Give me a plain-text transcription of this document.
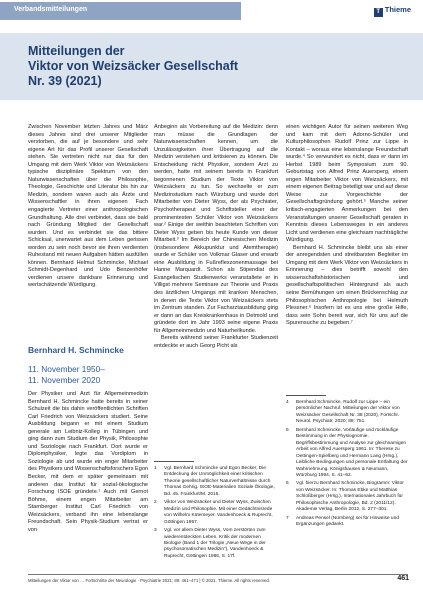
Verbandsmitteilungen	T Thieme
Mitteilungen der
Viktor von Weizsäcker Gesellschaft
Nr. 39 (2021)

Zwischen November letzten Jahres und März dieses Jahres sind drei unserer Mitglieder verstorben, die auf je besondere und sehr eigene Art für das Profil unserer Gesellschaft stehen. Sie vertreten nicht nur das für den Umgang mit dem Werk Viktor von Weizsäckers typische disziplinäre Spektrum von den Naturwissenschaften über die Philosophie, Theologie, Geschichte und Literatur bis hin zur Medizin, sondern waren auch als Ärzte und Wissenschaftler in ihren eigenen Fach engagierte Vertreter einer anthropologischen Grundhaltung. Alle drei verbindet, dass sie bald nach Gründung Mitglied der Gesellschaft wurden. Und es verbindet sie das bittere Schicksal, unerwartet aus dem Leben gerissen worden zu sein noch bevor sie ihren verdienten Ruhestand mit neuen Aufgaben hätten ausfüllen können. Bernhard Helmut Schmincke, Michael Schmidt-Degenhard und Udo Benzenhöfer verdienen unsere dankbare Erinnerung und wertschätzende Würdigung.

Bernhard H. Schmincke
11. November 1950–
11. November 2020

Der Physiker und Arzt für Allgemeinmedizin Bernhard H. Schmincke hatte bereits in seiner Schulzeit die bis dahin veröffentlichten Schriften Carl Friedrich von Weizsäckers studiert. Seine Ausbildung begann er mit einem Studium generale am Leibniz-Kolleg in Tübingen und ging dann zum Studium der Physik, Philosophie und Soziologie nach Frankfurt. Dort wurde er Diplomphysiker, legte das Vordiplom in Soziologie ab und wurde ein enger Mitarbeiter des Physikers und Wissenschaftsforschers Egon Becker, mit dem er später gemeinsam mit anderen das Institut für sozial-ökologische Forschung ISOE gründete.¹ Auch mit Gernot Böhme, einem engen Mitarbeiter am Starnberger Institut Carl Friedrich von Weizsäckers, verband ihn eine lebenslange Freundschaft. Sein Physik-Studium vertrat er von

Anbeginn als Vorbereitung auf die Medizin: denn man müsse die Grundlagen der Naturwissenschaften kennen, um die Unzulässigkeiten ihrer Übertragung auf die Medizin verstehen und kritisieren zu können. Die Entscheidung nicht Physiker, sondern Arzt zu werden, hatte mit seinem bereits in Frankfurt begonnenen Studium der Texte Viktor von Weizsäckers zu tun. So wechselte er zum Medizinstudium nach Würzburg und wurde dort Mitarbeiter von Dieter Wyss, der als Psychiater, Psychotherapeut und Schriftsteller einer der prominentesten Schüler Viktor von Weizsäckers war.² Einige der weithin beachteten Schriften von Dieter Wyss geben bis heute Kunde von dieser Mitarbeit.³ Im Bereich der Chinesischen Medizin (insbesondere Akkupunktur und Atemtherapie) wurde er Schüler von Volkmar Glaser und erwarb eine Ausbildung in Fußreflexzonenmassage bei Hanne Marquardt. Schon als Stipendiat des Evangelischen Studienwerks veranstaltete er in Villigst mehrere Seminare zur Theorie und Praxis des ärztlichen Umgangs mit kranken Menschen, in denen die Texte Viktor von Weizsäckers stets im Zentrum standen. Zur Facharztausbildung ging er dann an das Kreiskrankenhaus in Detmold und gründete dort im Jahr 1993 seine eigene Praxis für Allgemeinmedizin und Naturheilkunde.

Bereits während seiner Frankfurter Studienzeit entdeckte er auch Georg Picht als

einen wichtigen Autor für seinen weiteren Weg und kam mit dem Adorno-Schüler und Kulturphilosophen Rudolf Prinz zur Lippe in Kontakt – woraus eine lebenslange Freundschaft wurde.⁴ So verwundert es nicht, dass er dann im Herbst 1989 beim Symposium zum 90. Geburtstag von Alfred Prinz Auersperg, einem engen Mitarbeiter Viktor von Weizsäckers, mit einem eigenen Beitrag beteiligt war und auf diese Weise zur Vorgeschichte der Gesellschaftsgründung gehört.⁵ Manche seiner kritisch-engagierten Anmerkungen bei den Veranstaltungen unserer Gesellschaft geraten in Kenntnis dieses Lebensweges in ein anderes Licht und verdienen eine gleichsam nachträgliche Würdigung.

Bernhard H. Schmincke bleibt uns als einer der anregendsten und streitbarsten Begleiter im Umgang mit dem Werk Viktor von Weizsäckers in Erinnerung – dies betrifft sowohl den wissenschaftshistorischen und gesellschaftspolitischen Hintergrund als auch seine Bemühungen um einen Brückenschlag zur Philosophischen Anthropologie bei Helmuth Plessner.⁶ Insofern ist es uns eine große Hilfe, dass sein Sohn bereit war, sich für uns auf die Spurensuche zu begeben.⁷

1	Vgl. Bernhard Schmincke und Egon Becker, Die Entdeckung der Unmöglichkeit einer kritischen Theorie gesellschaftlicher Naturverhältnisse durch Thomas Gehrig. ISOE-Materialien Soziale Ökologie, Bd. 45. Frankfurt/M. 2015.
2	Viktor von Weizsäcker und Dieter Wyss, Zwischen Medizin und Philosophie. Mit einer Gedächtnisrede von Wilhelm Kütemeyer. Vandenhoeck & Ruprecht, Göttingen 1957.
3	Vgl. vor allem Dieter Wyss, Vom zerstörten zum wiederentdeckten Leben. Kritik der modernen Biologie (Band 1 der Trilogie „Neue Wege in der psychosomatischen Medizin“), Vandenhoeck & Ruprecht, Göttingen 1986, S. 17f.
4	Bernhard Schmincke, Rudolf zur Lippe – ein persönlicher Nachruf. Mitteilungen der Viktor von Weizsäcker Gesellschaft Nr. 38 (2020), Fortschr. Neurol. Psychiatr. 2020; 88: 751.
5	Bernhard Schmincke, Vorläufige und rückläufige Bestimmung in der Physiognomie. Begriffsbestimmung und Analyse zur gleichnamigen Arbeit von Alfred Auersperg 1961. In: Therese zu Oettingen-Spielberg und Hermann Lang (Hrsg.), Leibliche Bedingungen und personale Entfaltung der Wahrnehmung. Königshausen & Neumann, Würzburg 1994, S. 41–62.
6	Vgl. hierzu Bernhard Schmincke, Biogramm: Viktor von Weizsäcker. In: Thomas Ebke und Matthias Schloßberger (Hrsg.), Internationales Jahrbuch für Philosophische Anthropologie, Bd. 2 (2011/12). Akademie Verlag, Berlin 2012, S. 277–301.
7	Andreas Pensel (Nürnberg) sei für Hinweise und Ergänzungen gedankt.
Mitteilungen der Viktor von … Fortschritte der Neurologie · Psychiatrie 2021; 89: 461–471 | © 2021. Thieme. All rights reserved.	461
